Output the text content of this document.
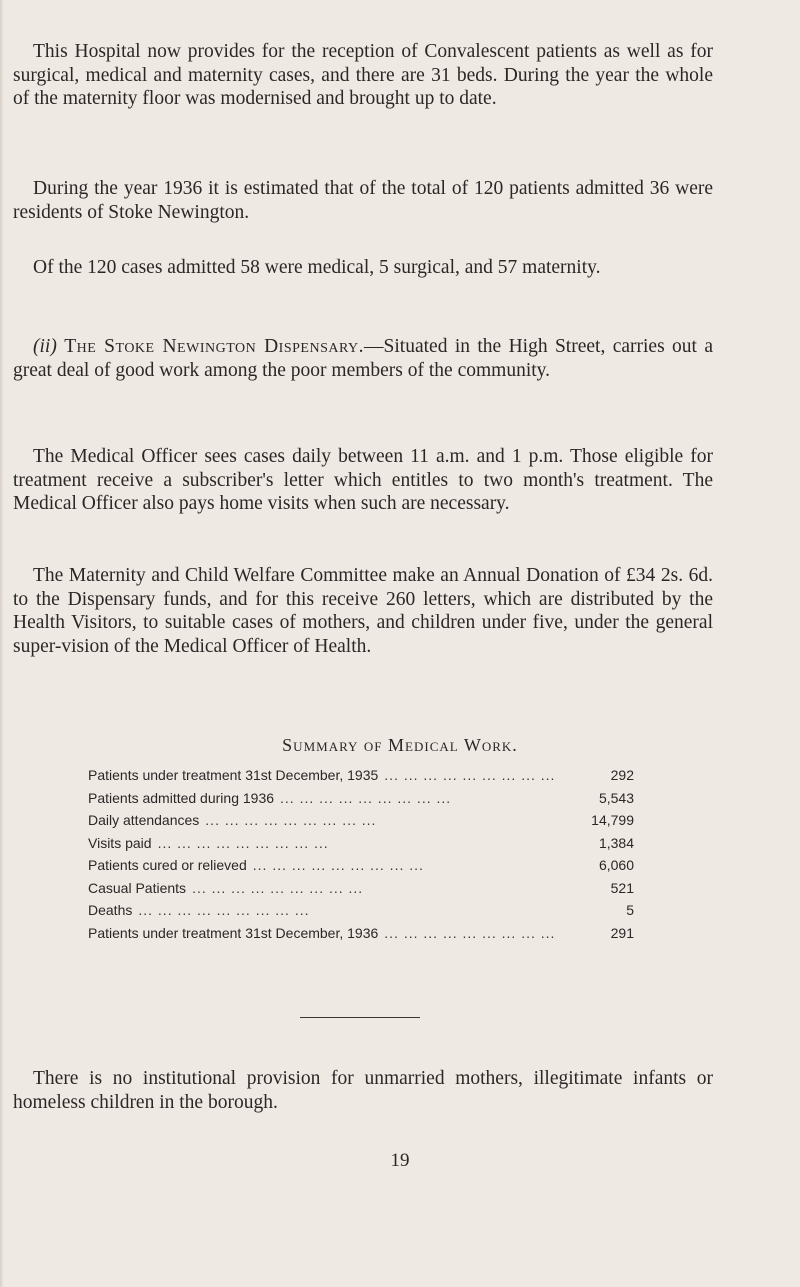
This Hospital now provides for the reception of Convalescent patients as well as for surgical, medical and maternity cases, and there are 31 beds. During the year the whole of the maternity floor was modernised and brought up to date.

During the year 1936 it is estimated that of the total of 120 patients admitted 36 were residents of Stoke Newington.

Of the 120 cases admitted 58 were medical, 5 surgical, and 57 maternity.

(ii) The Stoke Newington Dispensary.—Situated in the High Street, carries out a great deal of good work among the poor members of the community.

The Medical Officer sees cases daily between 11 a.m. and 1 p.m. Those eligible for treatment receive a subscriber's letter which entitles to two month's treatment. The Medical Officer also pays home visits when such are necessary.

The Maternity and Child Welfare Committee make an Annual Donation of £34 2s. 6d. to the Dispensary funds, and for this receive 260 letters, which are distributed by the Health Visitors, to suitable cases of mothers, and children under five, under the general super-vision of the Medical Officer of Health.

Summary of Medical Work.

Patients under treatment 31st December, 1935 ... ... ... ... ... ... ... ... ...	292
Patients admitted during 1936 ... ... ... ... ... ... ... ... ...	5,543
Daily attendances ... ... ... ... ... ... ... ... ...	14,799
Visits paid ... ... ... ... ... ... ... ... ...	1,384
Patients cured or relieved ... ... ... ... ... ... ... ... ...	6,060
Casual Patients ... ... ... ... ... ... ... ... ...	521
Deaths ... ... ... ... ... ... ... ... ...	5
Patients under treatment 31st December, 1936 ... ... ... ... ... ... ... ... ...	291

There is no institutional provision for unmarried mothers, illegitimate infants or homeless children in the borough.

19
